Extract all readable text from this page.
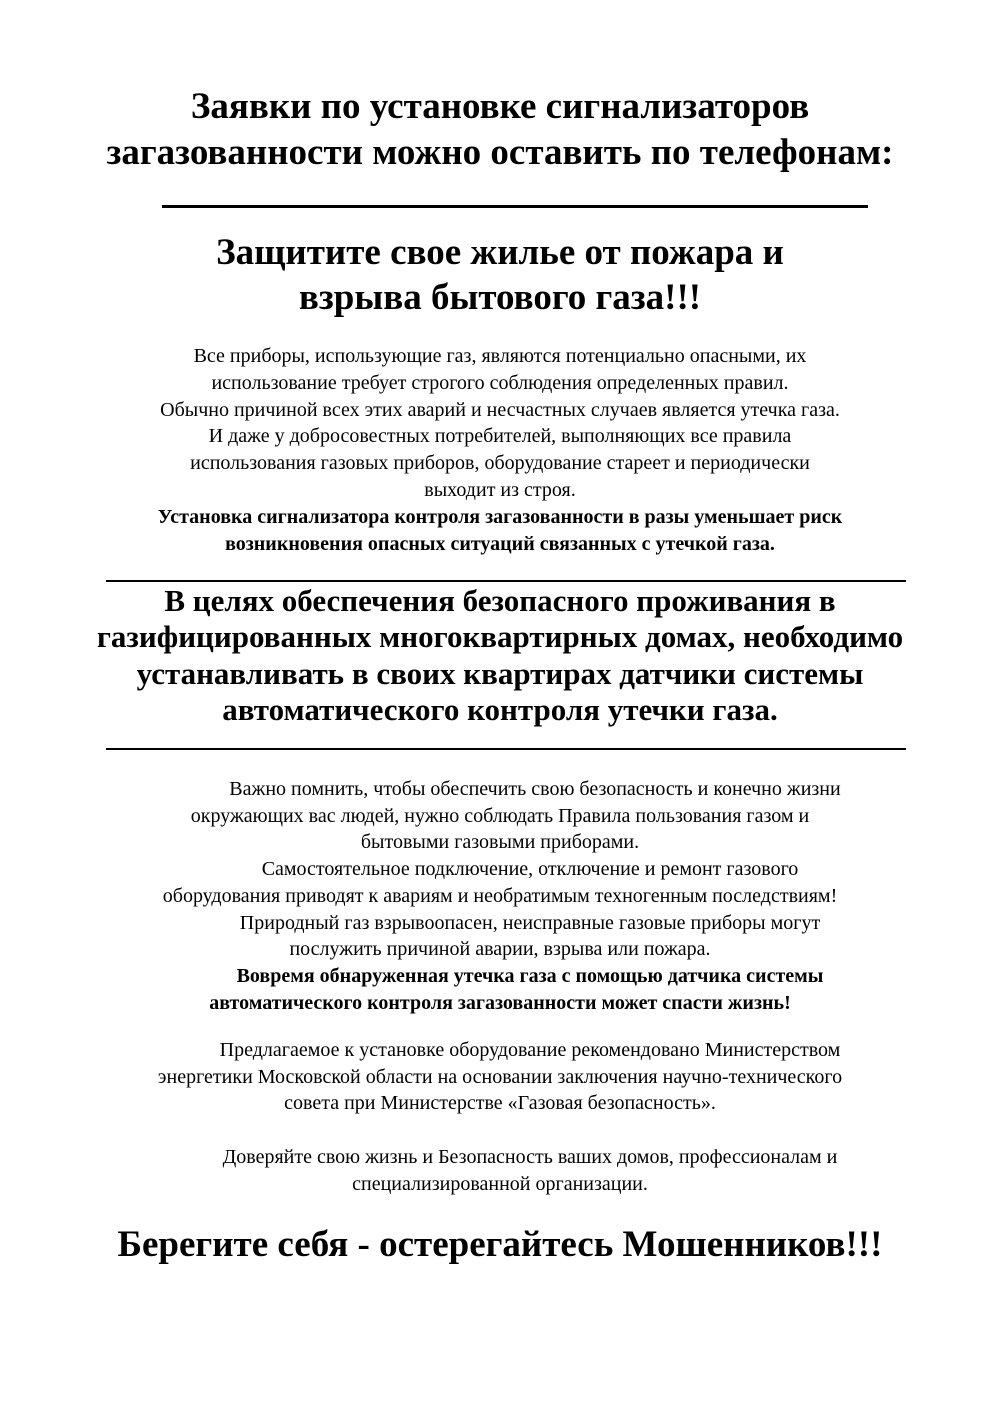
Заявки по установке сигнализаторов
загазованности можно оставить по телефонам:
Защитите свое жилье от пожара и
взрыва бытового газа!!!
Все приборы, использующие газ, являются потенциально опасными, их
использование требует строгого соблюдения определенных правил.
Обычно причиной всех этих аварий и несчастных случаев является утечка газа.
И даже у добросовестных потребителей, выполняющих все правила
использования газовых приборов, оборудование стареет и периодически
выходит из строя.
Установка сигнализатора контроля загазованности в разы уменьшает риск
возникновения опасных ситуаций связанных с утечкой газа.
В целях обеспечения безопасного проживания в
газифицированных многоквартирных домах, необходимо
устанавливать в своих квартирах датчики системы
автоматического контроля утечки газа.
Важно помнить, чтобы обеспечить свою безопасность и конечно жизни
окружающих вас людей, нужно соблюдать Правила пользования газом и
бытовыми газовыми приборами.
Самостоятельное подключение, отключение и ремонт газового
оборудования приводят к авариям и необратимым техногенным последствиям!
Природный газ взрывоопасен, неисправные газовые приборы могут
послужить причиной аварии, взрыва или пожара.
Вовремя обнаруженная утечка газа с помощью датчика системы
автоматического контроля загазованности может спасти жизнь!
Предлагаемое к установке оборудование рекомендовано Министерством
энергетики Московской области на основании заключения научно-технического
совета при Министерстве «Газовая безопасность».
Доверяйте свою жизнь и Безопасность ваших домов, профессионалам и
специализированной организации.
Берегите себя - остерегайтесь Мошенников!!!
